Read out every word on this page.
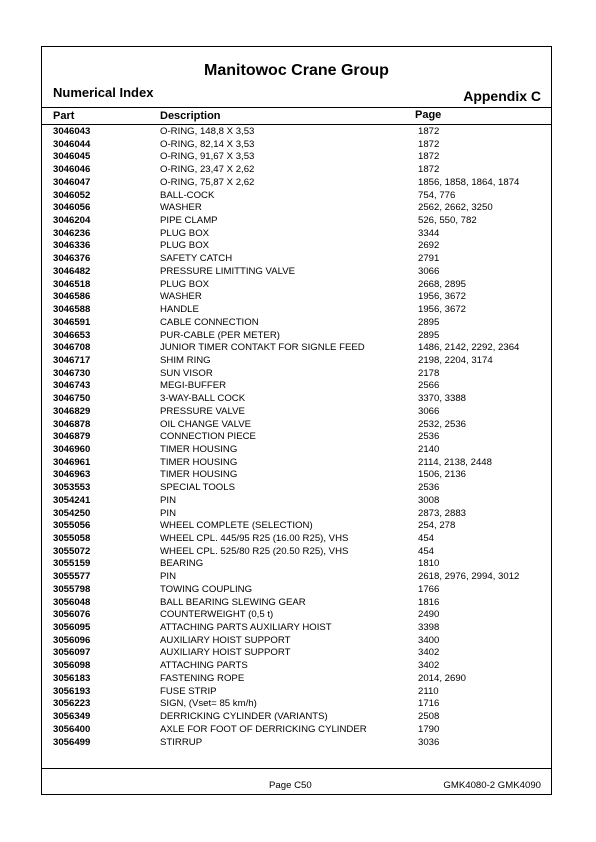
Manitowoc Crane Group
Numerical Index	Appendix C
Part	Description	Page
3046043	O-RING, 148,8 X 3,53	1872
3046044	O-RING, 82,14 X 3,53	1872
3046045	O-RING, 91,67 X 3,53	1872
3046046	O-RING, 23,47 X 2,62	1872
3046047	O-RING, 75,87 X 2,62	1856, 1858, 1864, 1874
3046052	BALL-COCK	754, 776
3046056	WASHER	2562, 2662, 3250
3046204	PIPE CLAMP	526, 550, 782
3046236	PLUG BOX	3344
3046336	PLUG BOX	2692
3046376	SAFETY CATCH	2791
3046482	PRESSURE LIMITTING VALVE	3066
3046518	PLUG BOX	2668, 2895
3046586	WASHER	1956, 3672
3046588	HANDLE	1956, 3672
3046591	CABLE CONNECTION	2895
3046653	PUR-CABLE (PER METER)	2895
3046708	JUNIOR TIMER CONTAKT FOR SIGNLE FEED	1486, 2142, 2292, 2364
3046717	SHIM RING	2198, 2204, 3174
3046730	SUN VISOR	2178
3046743	MEGI-BUFFER	2566
3046750	3-WAY-BALL COCK	3370, 3388
3046829	PRESSURE VALVE	3066
3046878	OIL CHANGE VALVE	2532, 2536
3046879	CONNECTION PIECE	2536
3046960	TIMER HOUSING	2140
3046961	TIMER HOUSING	2114, 2138, 2448
3046963	TIMER HOUSING	1506, 2136
3053553	SPECIAL TOOLS	2536
3054241	PIN	3008
3054250	PIN	2873, 2883
3055056	WHEEL COMPLETE (SELECTION)	254, 278
3055058	WHEEL CPL. 445/95 R25 (16.00 R25), VHS	454
3055072	WHEEL CPL. 525/80 R25 (20.50 R25), VHS	454
3055159	BEARING	1810
3055577	PIN	2618, 2976, 2994, 3012
3055798	TOWING COUPLING	1766
3056048	BALL BEARING SLEWING GEAR	1816
3056076	COUNTERWEIGHT (0,5 t)	2490
3056095	ATTACHING PARTS AUXILIARY HOIST	3398
3056096	AUXILIARY HOIST SUPPORT	3400
3056097	AUXILIARY HOIST SUPPORT	3402
3056098	ATTACHING PARTS	3402
3056183	FASTENING ROPE	2014, 2690
3056193	FUSE STRIP	2110
3056223	SIGN, (Vset= 85 km/h)	1716
3056349	DERRICKING CYLINDER (VARIANTS)	2508
3056400	AXLE FOR FOOT OF DERRICKING CYLINDER	1790
3056499	STIRRUP	3036
Page C50	GMK4080-2 GMK4090
